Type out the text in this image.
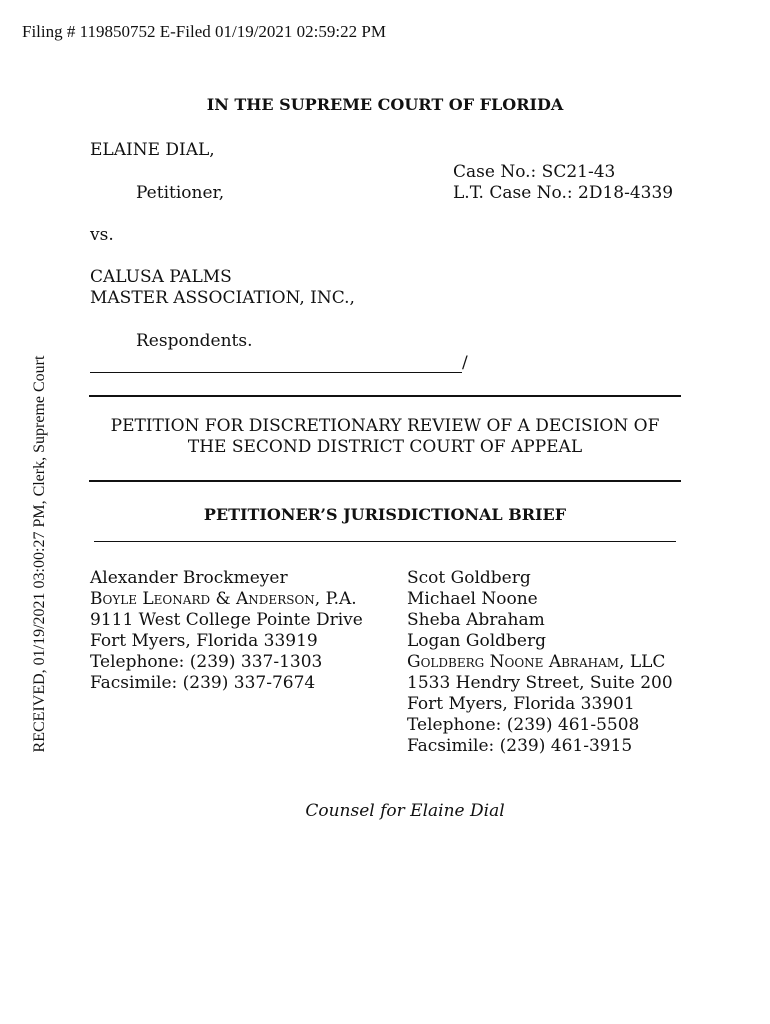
Filing # 119850752 E-Filed 01/19/2021 02:59:22 PM
RECEIVED, 01/19/2021 03:00:27 PM, Clerk, Supreme Court
IN THE SUPREME COURT OF FLORIDA
ELAINE DIAL,
Petitioner,
Case No.: SC21-43
L.T. Case No.: 2D18-4339
vs.
CALUSA PALMS
MASTER ASSOCIATION, INC.,
Respondents.
/
PETITION FOR DISCRETIONARY REVIEW OF A DECISION OF THE SECOND DISTRICT COURT OF APPEAL
PETITIONER’S JURISDICTIONAL BRIEF
Alexander Brockmeyer
Boyle Leonard & Anderson, P.A.
9111 West College Pointe Drive
Fort Myers, Florida 33919
Telephone: (239) 337-1303
Facsimile: (239) 337-7674
Scot Goldberg
Michael Noone
Sheba Abraham
Logan Goldberg
Goldberg Noone Abraham, LLC
1533 Hendry Street, Suite 200
Fort Myers, Florida 33901
Telephone: (239) 461-5508
Facsimile: (239) 461-3915
Counsel for Elaine Dial
